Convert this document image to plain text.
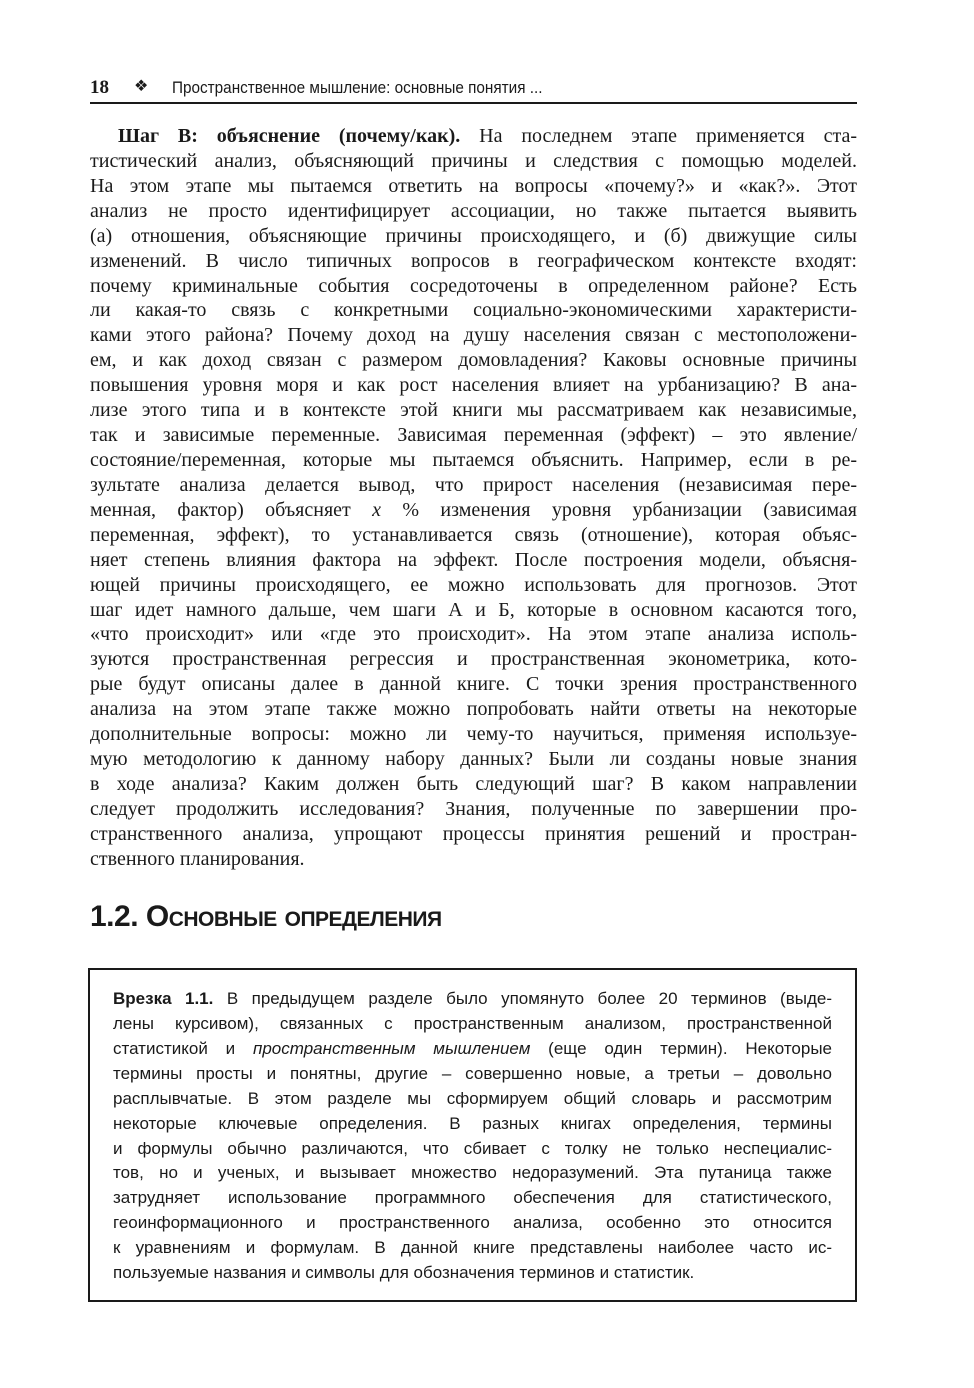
18 ❖ Пространственное мышление: основные понятия ...
Шаг В: объяснение (почему/как). На последнем этапе применяется ста-
тистический анализ, объясняющий причины и следствия с помощью моделей.
На этом этапе мы пытаемся ответить на вопросы «почему?» и «как?». Этот
анализ не просто идентифицирует ассоциации, но также пытается выявить
(а) отношения, объясняющие причины происходящего, и (б) движущие силы
изменений. В число типичных вопросов в географическом контексте входят:
почему криминальные события сосредоточены в определенном районе? Есть
ли какая-то связь с конкретными социально-экономическими характеристи-
ками этого района? Почему доход на душу населения связан с местоположени-
ем, и как доход связан с размером домовладения? Каковы основные причины
повышения уровня моря и как рост населения влияет на урбанизацию? В ана-
лизе этого типа и в контексте этой книги мы рассматриваем как независимые,
так и зависимые переменные. Зависимая переменная (эффект) – это явление/
состояние/переменная, которые мы пытаемся объяснить. Например, если в ре-
зультате анализа делается вывод, что прирост населения (независимая пере-
менная, фактор) объясняет x % изменения уровня урбанизации (зависимая
переменная, эффект), то устанавливается связь (отношение), которая объяс-
няет степень влияния фактора на эффект. После построения модели, объясня-
ющей причины происходящего, ее можно использовать для прогнозов. Этот
шаг идет намного дальше, чем шаги А и Б, которые в основном касаются того,
«что происходит» или «где это происходит». На этом этапе анализа исполь-
зуются пространственная регрессия и пространственная эконометрика, кото-
рые будут описаны далее в данной книге. С точки зрения пространственного
анализа на этом этапе также можно попробовать найти ответы на некоторые
дополнительные вопросы: можно ли чему-то научиться, применяя используе-
мую методологию к данному набору данных? Были ли созданы новые знания
в ходе анализа? Каким должен быть следующий шаг? В каком направлении
следует продолжить исследования? Знания, полученные по завершении про-
странственного анализа, упрощают процессы принятия решений и простран-
ственного планирования.
1.2. Основные определения
Врезка 1.1. В предыдущем разделе было упомянуто более 20 терминов (выде-
лены курсивом), связанных с пространственным анализом, пространственной
статистикой и пространственным мышлением (еще один термин). Некоторые
термины просты и понятны, другие – совершенно новые, а третьи – довольно
расплывчатые. В этом разделе мы сформируем общий словарь и рассмотрим
некоторые ключевые определения. В разных книгах определения, термины
и формулы обычно различаются, что сбивает с толку не только неспециалис-
тов, но и ученых, и вызывает множество недоразумений. Эта путаница также
затрудняет использование программного обеспечения для статистического,
геоинформационного и пространственного анализа, особенно это относится
к уравнениям и формулам. В данной книге представлены наиболее часто ис-
пользуемые названия и символы для обозначения терминов и статистик.
